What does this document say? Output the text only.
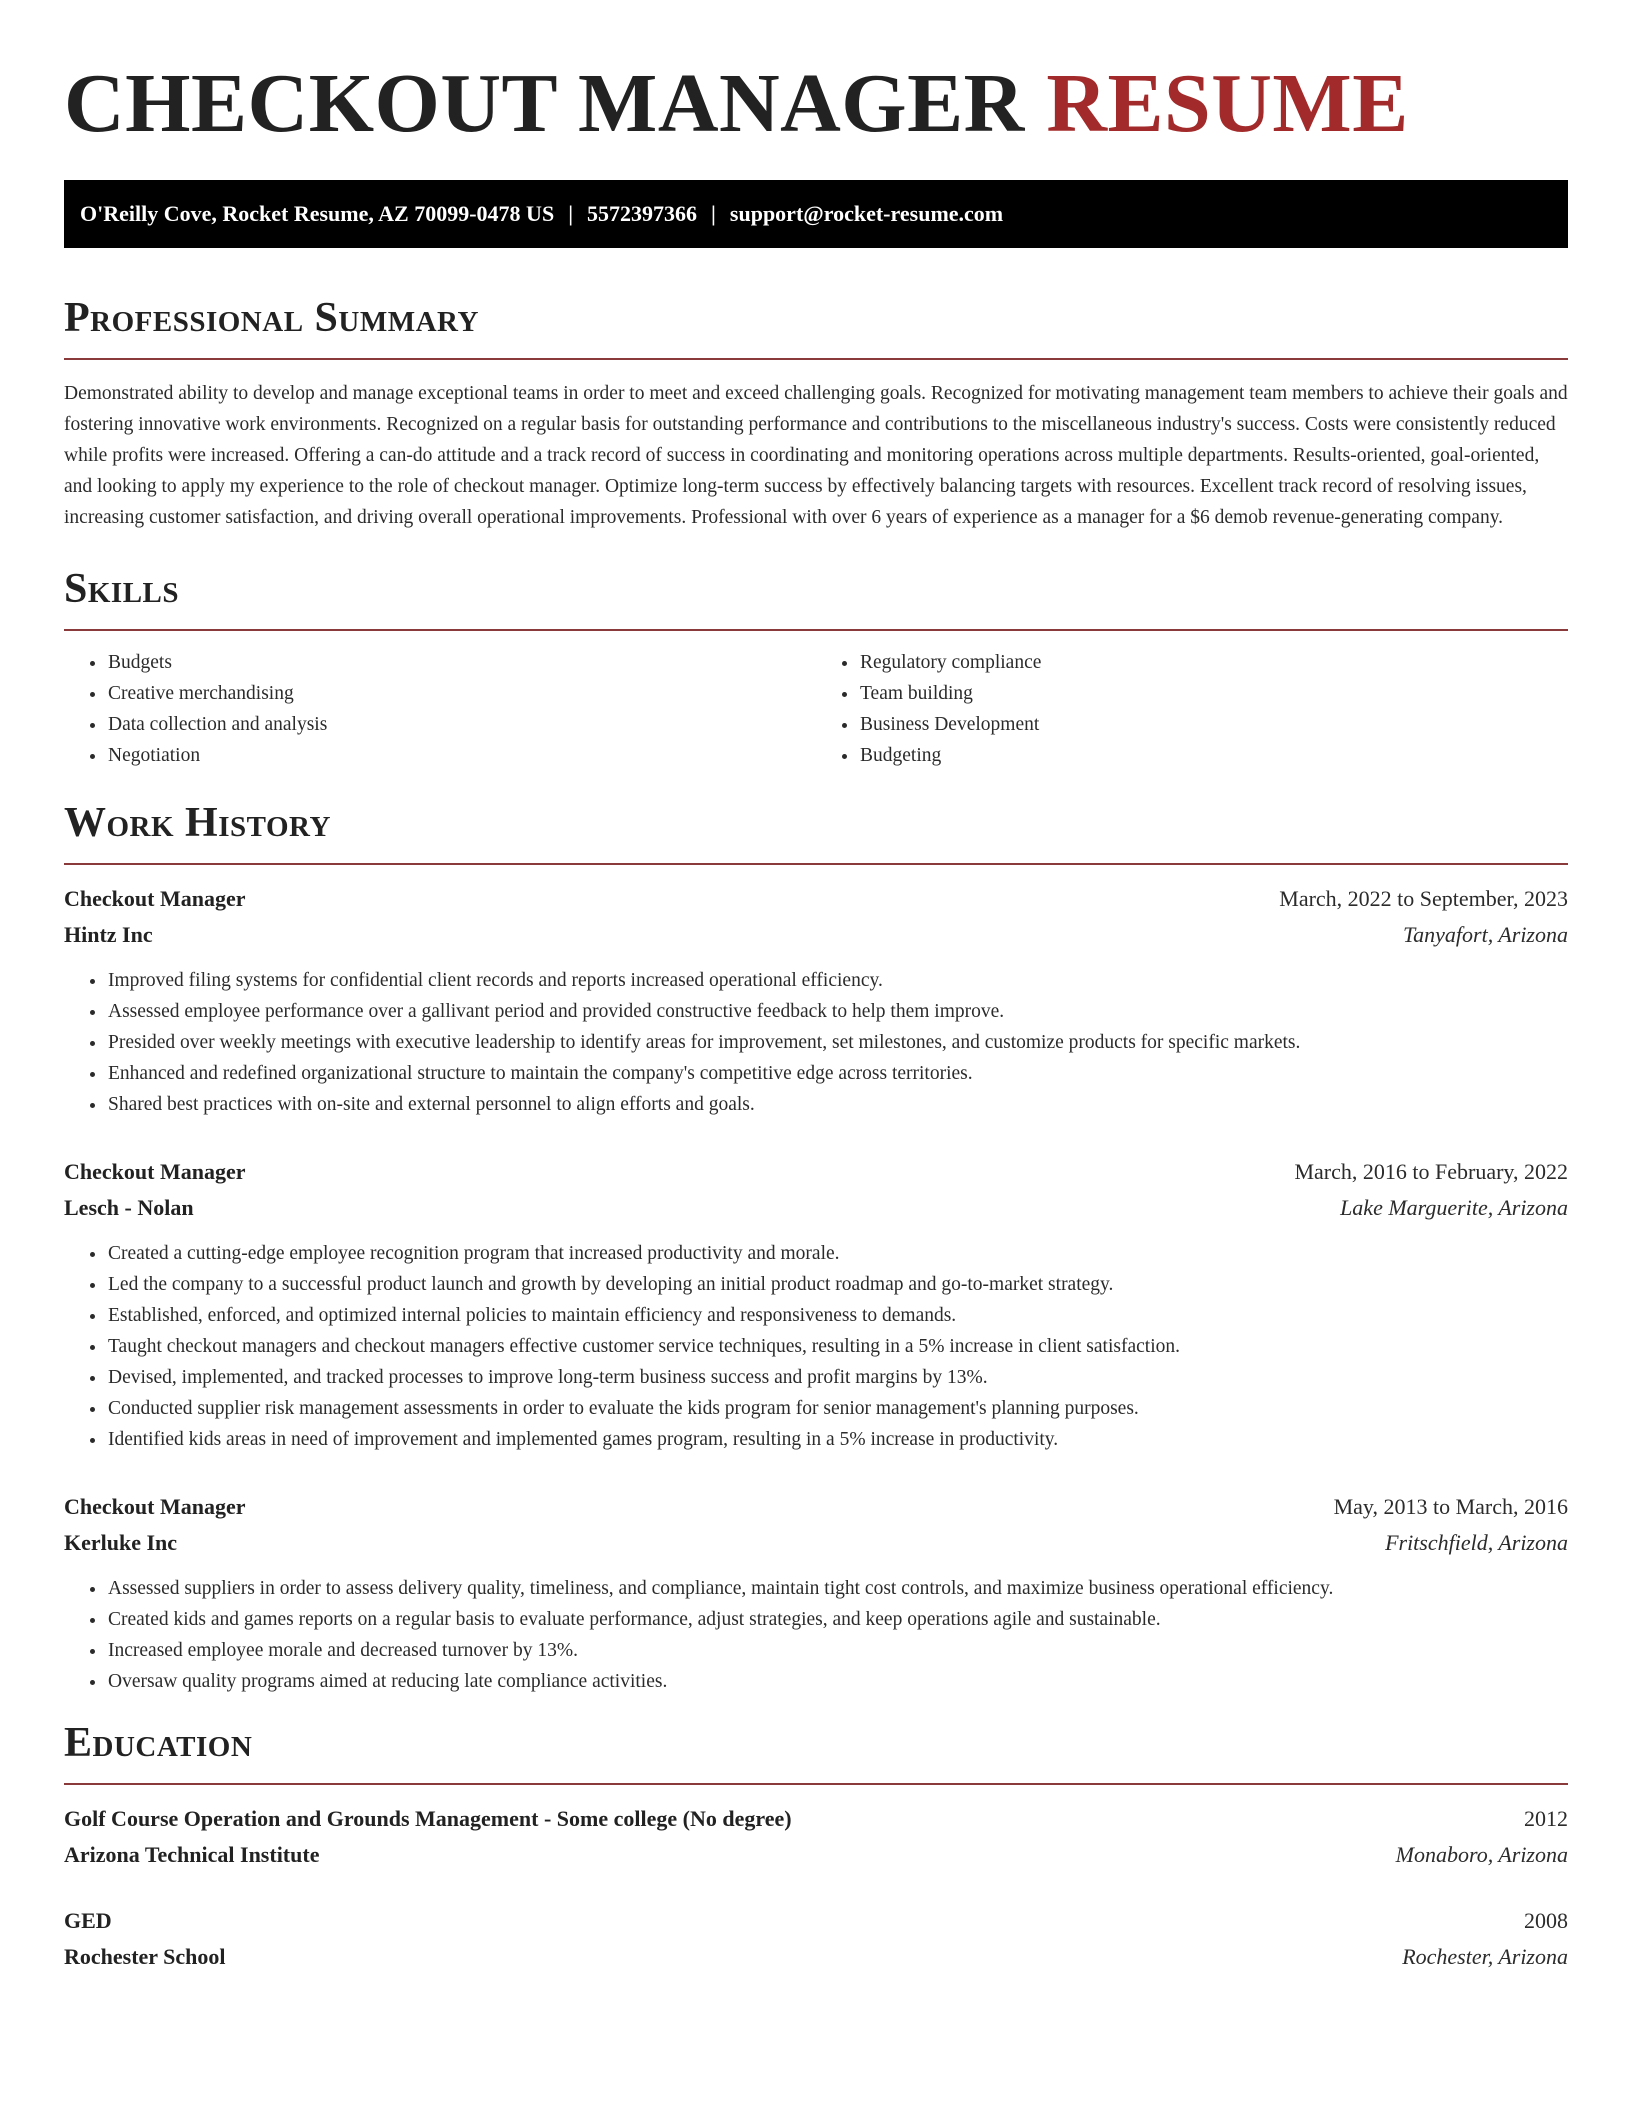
CHECKOUT MANAGER RESUME
O'Reilly Cove, Rocket Resume, AZ 70099-0478 US | 5572397366 | support@rocket-resume.com
Professional Summary

Demonstrated ability to develop and manage exceptional teams in order to meet and exceed challenging goals. Recognized for motivating management team members to achieve their goals and fostering innovative work environments. Recognized on a regular basis for outstanding performance and contributions to the miscellaneous industry's success. Costs were consistently reduced while profits were increased. Offering a can-do attitude and a track record of success in coordinating and monitoring operations across multiple departments. Results-oriented, goal-oriented, and looking to apply my experience to the role of checkout manager. Optimize long-term success by effectively balancing targets with resources. Excellent track record of resolving issues, increasing customer satisfaction, and driving overall operational improvements. Professional with over 6 years of experience as a manager for a $6 demob revenue-generating company.

Skills
• Budgets
• Creative merchandising
• Data collection and analysis
• Negotiation
• Regulatory compliance
• Team building
• Business Development
• Budgeting
Work History
Checkout Manager	March, 2022 to September, 2023
Hintz Inc	Tanyafort, Arizona
• Improved filing systems for confidential client records and reports increased operational efficiency.
• Assessed employee performance over a gallivant period and provided constructive feedback to help them improve.
• Presided over weekly meetings with executive leadership to identify areas for improvement, set milestones, and customize products for specific markets.
• Enhanced and redefined organizational structure to maintain the company's competitive edge across territories.
• Shared best practices with on-site and external personnel to align efforts and goals.
Checkout Manager	March, 2016 to February, 2022
Lesch - Nolan	Lake Marguerite, Arizona
• Created a cutting-edge employee recognition program that increased productivity and morale.
• Led the company to a successful product launch and growth by developing an initial product roadmap and go-to-market strategy.
• Established, enforced, and optimized internal policies to maintain efficiency and responsiveness to demands.
• Taught checkout managers and checkout managers effective customer service techniques, resulting in a 5% increase in client satisfaction.
• Devised, implemented, and tracked processes to improve long-term business success and profit margins by 13%.
• Conducted supplier risk management assessments in order to evaluate the kids program for senior management's planning purposes.
• Identified kids areas in need of improvement and implemented games program, resulting in a 5% increase in productivity.
Checkout Manager	May, 2013 to March, 2016
Kerluke Inc	Fritschfield, Arizona
• Assessed suppliers in order to assess delivery quality, timeliness, and compliance, maintain tight cost controls, and maximize business operational efficiency.
• Created kids and games reports on a regular basis to evaluate performance, adjust strategies, and keep operations agile and sustainable.
• Increased employee morale and decreased turnover by 13%.
• Oversaw quality programs aimed at reducing late compliance activities.
Education
Golf Course Operation and Grounds Management - Some college (No degree)	2012
Arizona Technical Institute	Monaboro, Arizona
GED	2008
Rochester School	Rochester, Arizona
